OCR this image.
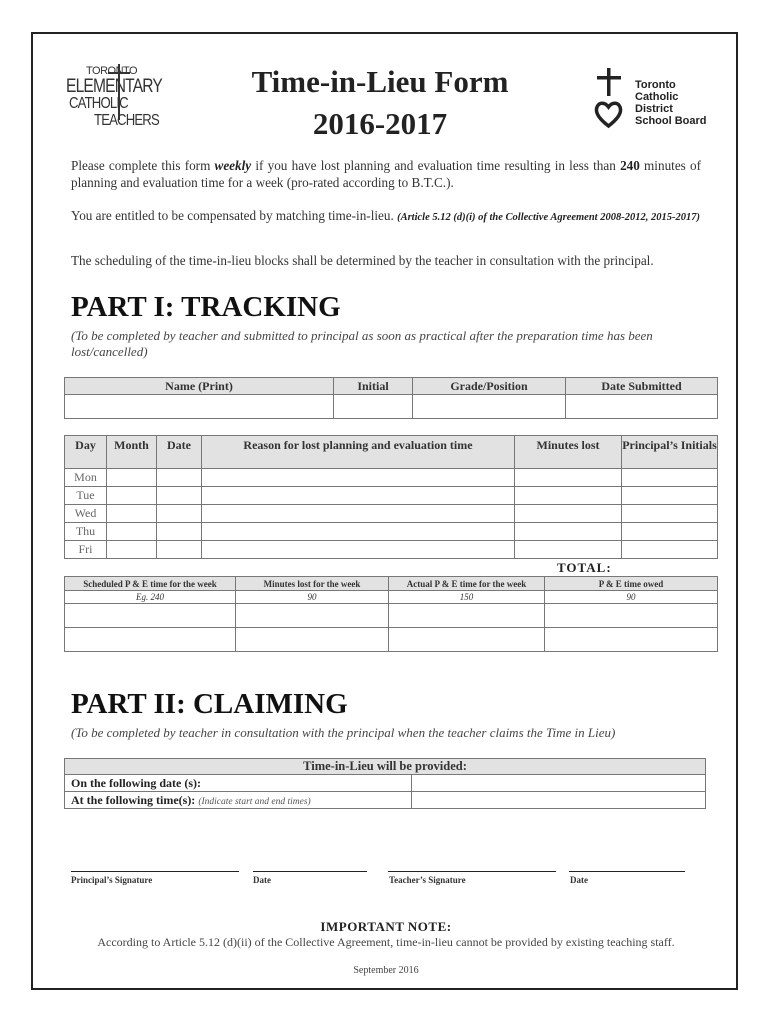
TORONTO
ELEMENTARY
CATHOLIC
TEACHERS
Time-in-Lieu Form
2016-2017
Toronto
Catholic
District
School Board
Please complete this form weekly if you have lost planning and evaluation time resulting in less than 240 minutes of planning and evaluation time for a week (pro-rated according to B.T.C.).
You are entitled to be compensated by matching time-in-lieu. (Article 5.12 (d)(i) of the Collective Agreement 2008-2012, 2015-2017)
The scheduling of the time-in-lieu blocks shall be determined by the teacher in consultation with the principal.
PART I: TRACKING
(To be completed by teacher and submitted to principal as soon as practical after the preparation time has been lost/cancelled)
Name (Print)	Initial	Grade/Position	Date Submitted

Day	Month	Date	Reason for lost planning and evaluation time	Minutes lost	Principal’s Initials
Mon					
Tue					
Wed					
Thu					
Fri					
TOTAL:
Scheduled P & E time for the week	Minutes lost for the week	Actual P & E time for the week	P & E time owed
Eg. 240	90	150	90

PART II: CLAIMING
(To be completed by teacher in consultation with the principal when the teacher claims the Time in Lieu)
Time-in-Lieu will be provided:	
On the following date (s):	
At the following time(s): (Indicate start and end times)	
Principal’s Signature	Date	Teacher’s Signature	Date
IMPORTANT NOTE:
According to Article 5.12 (d)(ii) of the Collective Agreement, time-in-lieu cannot be provided by existing teaching staff.
September 2016
